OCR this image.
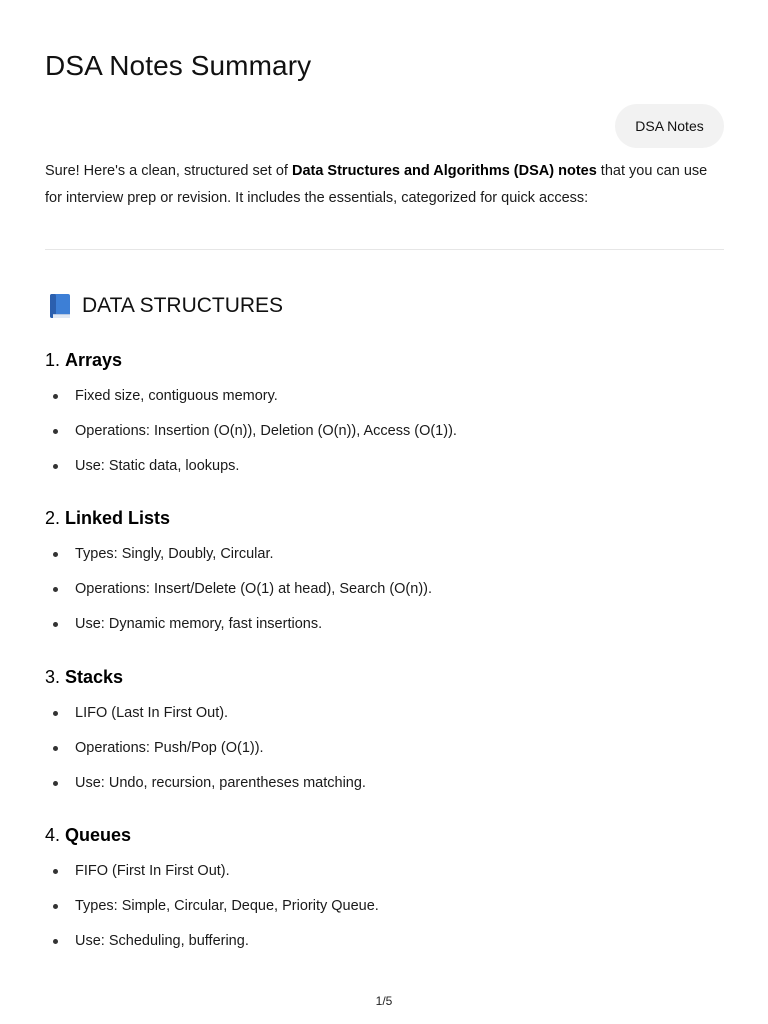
DSA Notes Summary
DSA Notes

Sure! Here's a clean, structured set of Data Structures and Algorithms (DSA) notes that you can use for interview prep or revision. It includes the essentials, categorized for quick access:

DATA STRUCTURES
1. Arrays
Fixed size, contiguous memory.
Operations: Insertion (O(n)), Deletion (O(n)), Access (O(1)).
Use: Static data, lookups.
2. Linked Lists
Types: Singly, Doubly, Circular.
Operations: Insert/Delete (O(1) at head), Search (O(n)).
Use: Dynamic memory, fast insertions.
3. Stacks
LIFO (Last In First Out).
Operations: Push/Pop (O(1)).
Use: Undo, recursion, parentheses matching.
4. Queues
FIFO (First In First Out).
Types: Simple, Circular, Deque, Priority Queue.
Use: Scheduling, buffering.
1/5
